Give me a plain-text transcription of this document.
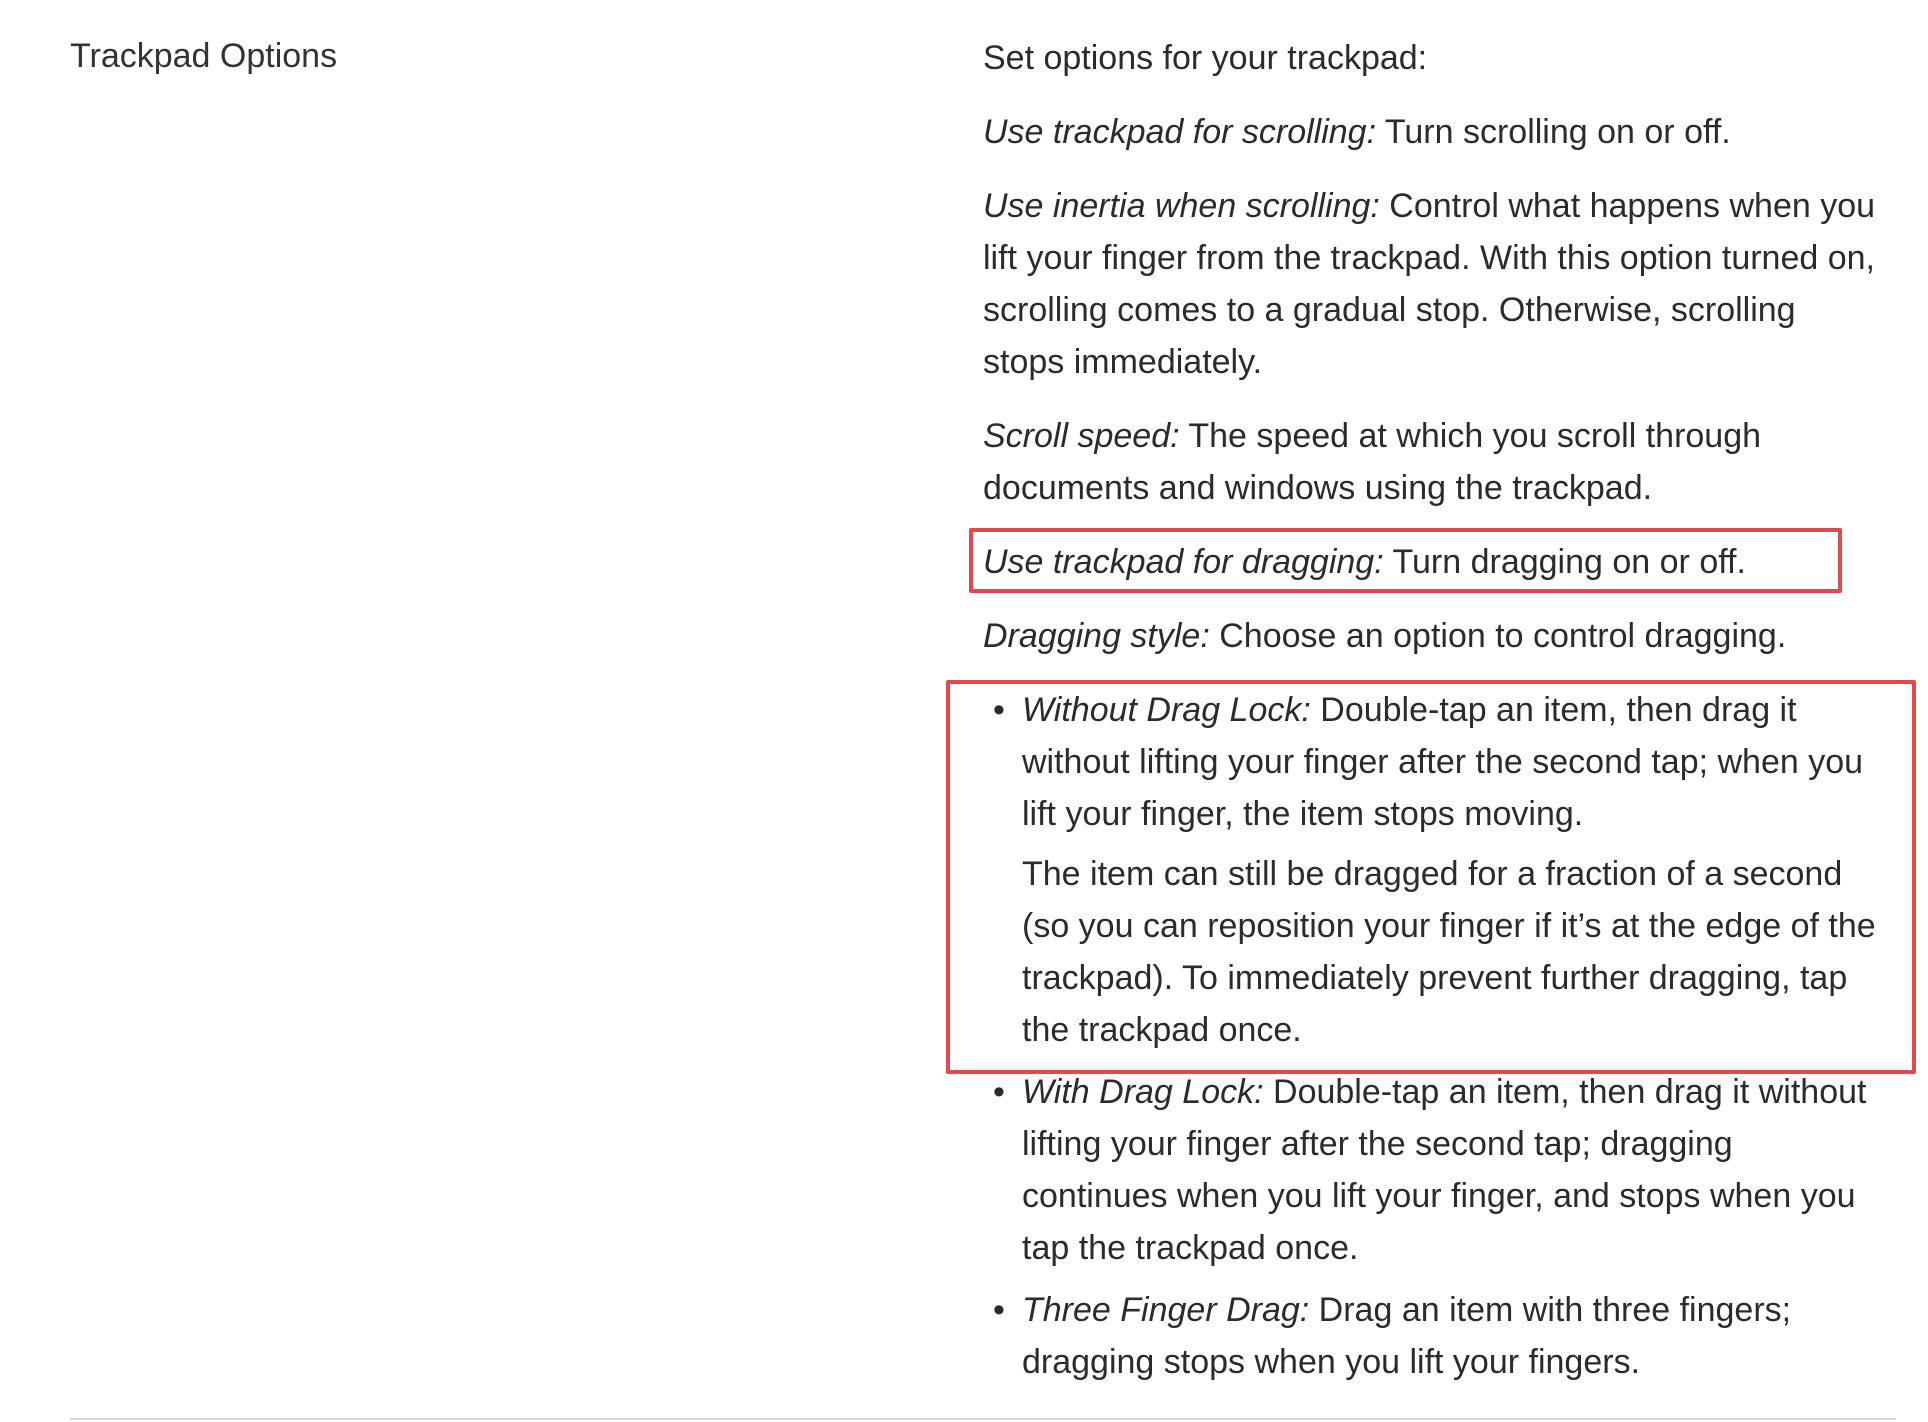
Trackpad Options	Set options for your trackpad:

Use trackpad for scrolling: Turn scrolling on or off.

Use inertia when scrolling: Control what happens when you lift your finger from the trackpad. With this option turned on, scrolling comes to a gradual stop. Otherwise, scrolling stops immediately.

Scroll speed: The speed at which you scroll through documents and windows using the trackpad.

Use trackpad for dragging: Turn dragging on or off.

Dragging style: Choose an option to control dragging.

• Without Drag Lock: Double-tap an item, then drag it without lifting your finger after the second tap; when you lift your finger, the item stops moving.

The item can still be dragged for a fraction of a second (so you can reposition your finger if it’s at the edge of the trackpad). To immediately prevent further dragging, tap the trackpad once.

• With Drag Lock: Double-tap an item, then drag it without lifting your finger after the second tap; dragging continues when you lift your finger, and stops when you tap the trackpad once.

• Three Finger Drag: Drag an item with three fingers; dragging stops when you lift your fingers.
